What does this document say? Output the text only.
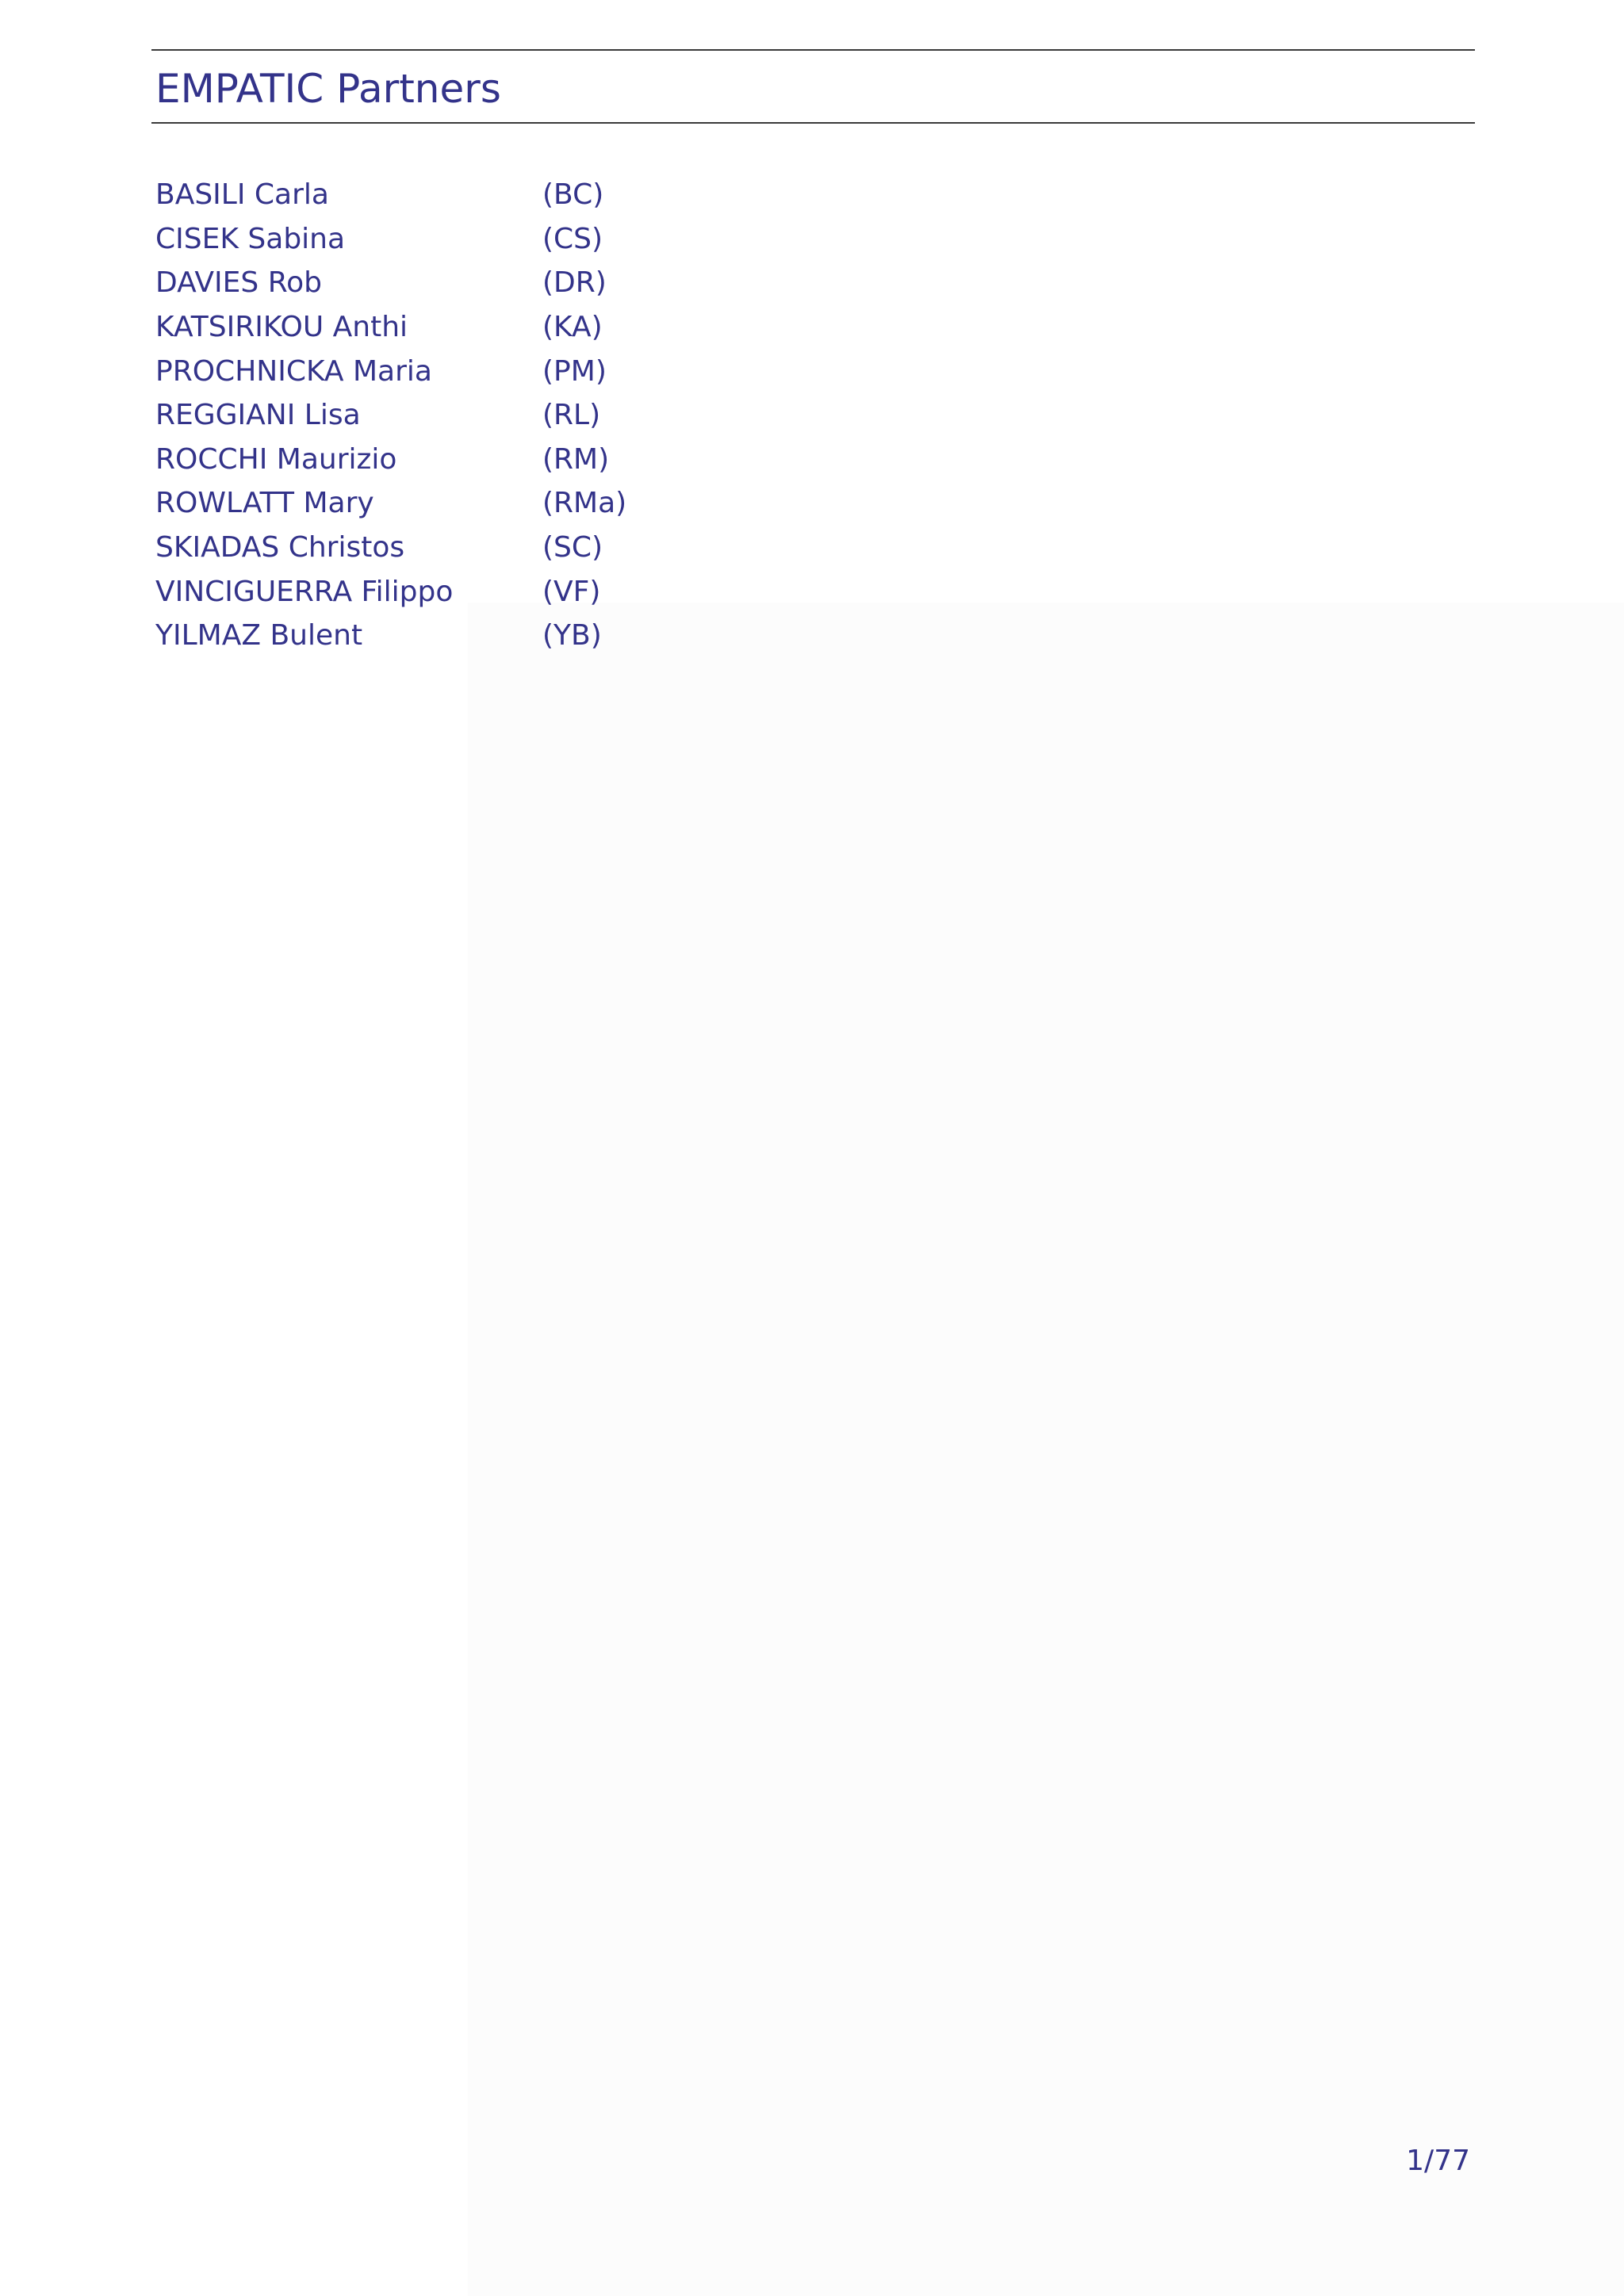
EMPATIC Partners
BASILI Carla	(BC)
CISEK Sabina	(CS)
DAVIES Rob	(DR)
KATSIRIKOU Anthi	(KA)
PROCHNICKA Maria	(PM)
REGGIANI Lisa	(RL)
ROCCHI Maurizio	(RM)
ROWLATT Mary	(RMa)
SKIADAS Christos	(SC)
VINCIGUERRA Filippo	(VF)
YILMAZ Bulent	(YB)
1/77
